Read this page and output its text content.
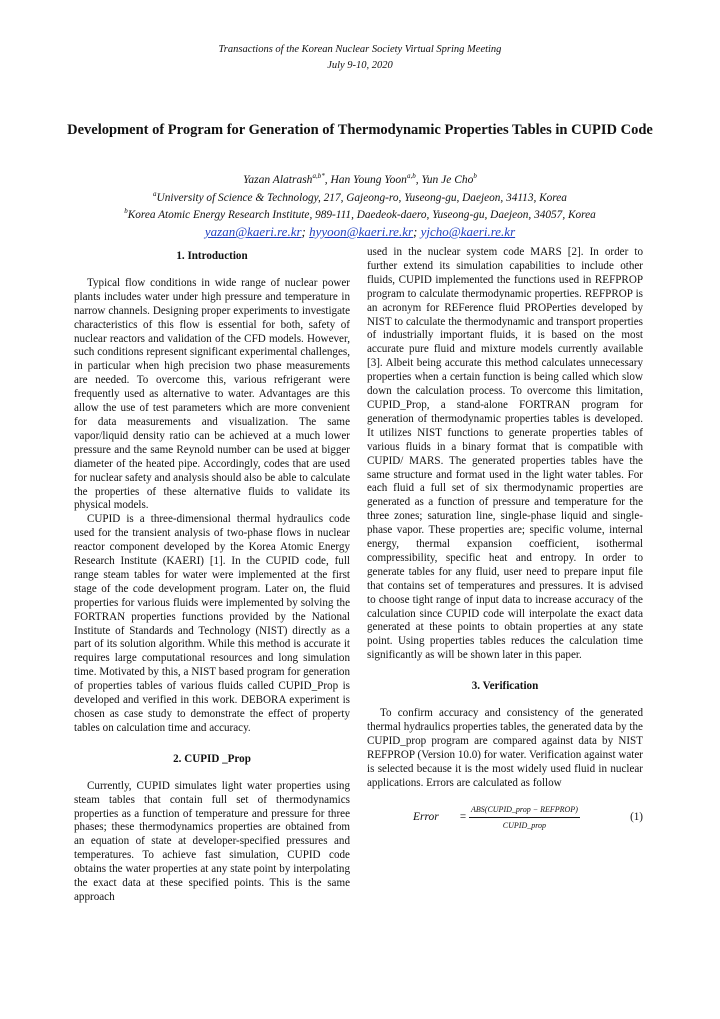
Transactions of the Korean Nuclear Society Virtual Spring Meeting
July 9-10, 2020
Development of Program for Generation of Thermodynamic Properties Tables in CUPID Code
Yazan Alatrash$^{a,b*}$, Han Young Yoon$^{a,b}$, Yun Je Cho$^b$
$^a$University of Science & Technology, 217, Gajeong-ro, Yuseong-gu, Daejeon, 34113, Korea
$^b$Korea Atomic Energy Research Institute, 989-111, Daedeok-daero, Yuseong-gu, Daejeon, 34057, Korea
yazan@kaeri.re.kr; hyyoon@kaeri.re.kr; yjcho@kaeri.re.kr
1. Introduction

Typical flow conditions in wide range of nuclear power plants includes water under high pressure and temperature in narrow channels. Designing proper experiments to investigate characteristics of this flow is essential for both, safety of nuclear reactors and validation of the CFD models. However, such conditions represent significant experimental challenges, in particular when high precision two phase measurements are needed. To overcome this, various refrigerant were frequently used as alternative to water. Advantages are this allow the use of test parameters which are more convenient for data measurements and visualization. The same vapor/liquid density ratio can be achieved at a much lower pressure and the same Reynold number can be used at bigger diameter of the heated pipe. Accordingly, codes that are used for nuclear safety and analysis should also be able to calculate the properties of these alternative fluids to validate its physical models.

CUPID is a three-dimensional thermal hydraulics code used for the transient analysis of two-phase flows in nuclear reactor component developed by the Korea Atomic Energy Research Institute (KAERI) [1]. In the CUPID code, full range steam tables for water were implemented at the first stage of the code development program. Later on, the fluid properties for various fluids were implemented by solving the FORTRAN properties functions provided by the National Institute of Standards and Technology (NIST) directly as a part of its solution algorithm. While this method is accurate it requires large computational resources and long simulation time. Motivated by this, a NIST based program for generation of properties tables of various fluids called CUPID_Prop is developed and verified in this work. DEBORA experiment is chosen as case study to demonstrate the effect of property tables on calculation time and accuracy.

2. CUPID _Prop

Currently, CUPID simulates light water properties using steam tables that contain full set of thermodynamics properties as a function of temperature and pressure for three phases; these thermodynamics properties are obtained from an equation of state at developer-specified pressures and temperatures. To achieve fast simulation, CUPID code obtains the water properties at any state point by interpolating the exact data at these specified points. This is the same approach

used in the nuclear system code MARS [2]. In order to further extend its simulation capabilities to include other fluids, CUPID implemented the functions used in REFPROP program to calculate thermodynamic properties. REFPROP is an acronym for REFerence fluid PROPerties developed by NIST to calculate the thermodynamic and transport properties of industrially important fluids, it is based on the most accurate pure fluid and mixture models currently available [3]. Albeit being accurate this method calculates unnecessary properties when a certain function is being called which slow down the calculation process. To overcome this limitation, CUPID_Prop, a stand-alone FORTRAN program for generation of thermodynamic properties tables is developed. It utilizes NIST functions to generate properties tables of various fluids in a binary format that is compatible with CUPID/ MARS. The generated properties tables have the same structure and format used in the light water tables. For each fluid a full set of six thermodynamic properties are generated as a function of pressure and temperature for the three zones; saturation line, single-phase liquid and single-phase vapor. These properties are; specific volume, internal energy, thermal expansion coefficient, isothermal compressibility, specific heat and entropy. In order to generate tables for any fluid, user need to prepare input file that contains set of temperatures and pressures. It is advised to choose tight range of input data to increase accuracy of the calculation since CUPID code will interpolate the exact data generated at these points to obtain properties at any state point. Using properties tables reduces the calculation time significantly as will be shown later in this paper.

3. Verification

To confirm accuracy and consistency of the generated thermal hydraulics properties tables, the generated data by the CUPID_prop program are compared against data by NIST REFPROP (Version 10.0) for water. Verification against water is selected because it is the most widely used fluid in nuclear applications. Errors are calculated as follow

Error	= $\frac{\text{ABS(CUPID\_prop − REFPROP)}}{\text{CUPID\_prop}}$	(1)
